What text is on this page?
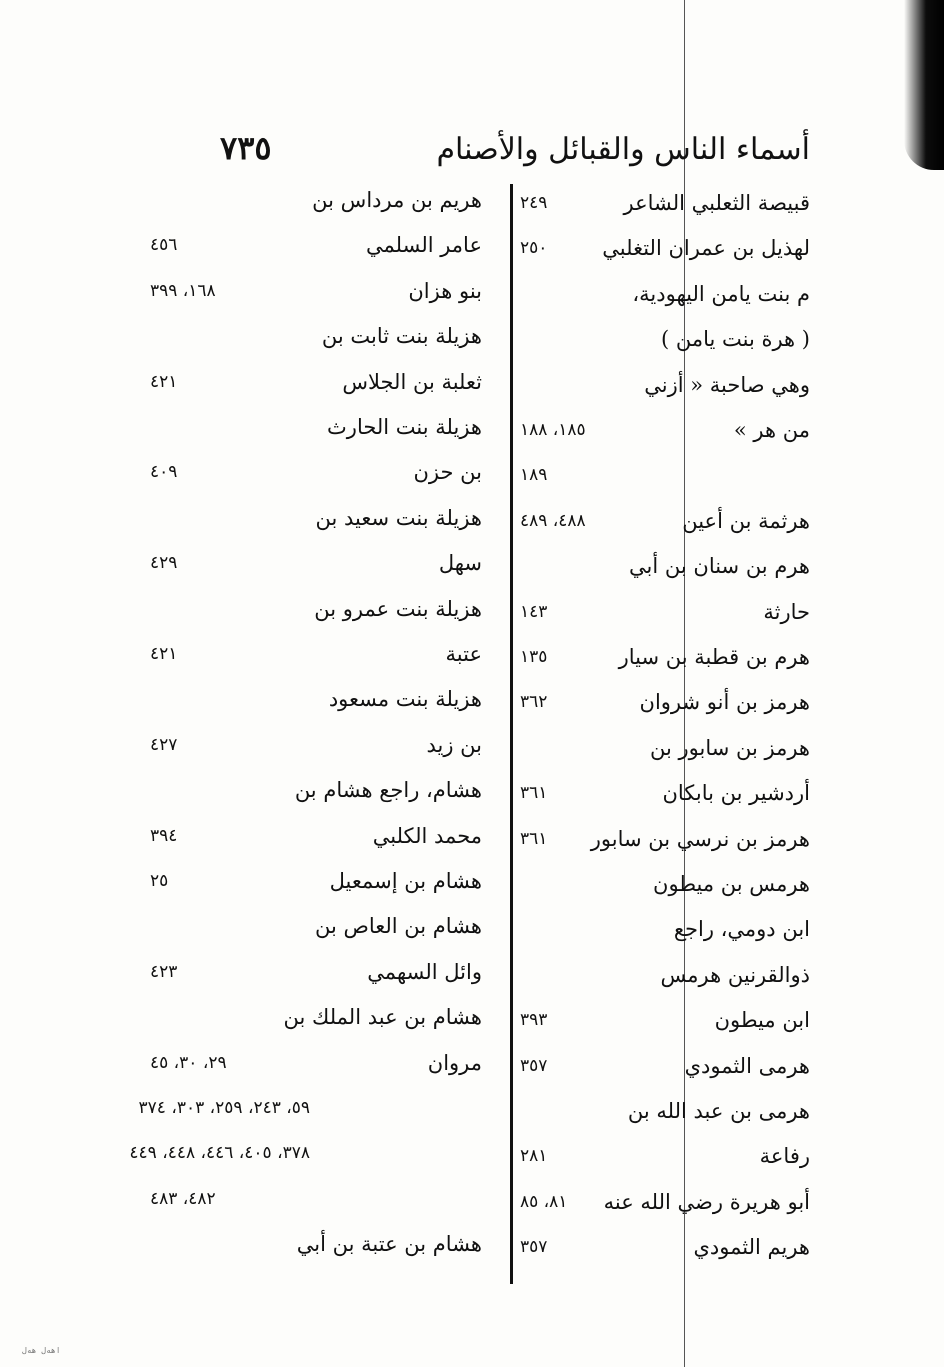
أسماء الناس والقبائل والأصنام
٧٣٥
قبيصة الثعلبي الشاعر
٢٤٩
لهذيل بن عمران التغلبي
٢٥٠
م بنت يامن اليهودية،
( هرة بنت يامن )
وهي صاحبة « أزني
من هر »
١٨٥، ١٨٨
١٨٩
هرثمة بن أعين
٤٨٨، ٤٨٩
هرم بن سنان بن أبي
حارثة
١٤٣
هرم بن قطبة بن سيار
١٣٥
هرمز بن أنو شروان
٣٦٢
هرمز بن سابور بن
أردشير بن بابكان
٣٦١
هرمز بن نرسي بن سابور
٣٦١
هرمس بن ميطون
ابن دومي، راجع
ذوالقرنين هرمس
ابن ميطون
٣٩٣
هرمى الثمودي
٣٥٧
هرمى بن عبد الله بن
رفاعة
٢٨١
أبو هريرة رضي الله عنه
٨١، ٨٥
هريم الثمودي
٣٥٧
هريم بن مرداس بن
عامر السلمي
٤٥٦
بنو هزان
١٦٨، ٣٩٩
هزيلة بنت ثابت بن
ثعلبة بن الجلاس
٤٢١
هزيلة بنت الحارث
بن حزن
٤٠٩
هزيلة بنت سعيد بن
سهل
٤٢٩
هزيلة بنت عمرو بن
عتبة
٤٢١
هزيلة بنت مسعود
بن زيد
٤٢٧
هشام، راجع هشام بن
محمد الكلبي
٣٩٤
هشام بن إسمعيل
٢٥
هشام بن العاص بن
وائل السهمي
٤٢٣
هشام بن عبد الملك بن
مروان
٢٩، ٣٠، ٤٥
٥٩، ٢٤٣، ٢٥٩، ٣٠٣، ٣٧٤
٣٧٨، ٤٠٥، ٤٤٦، ٤٤٨، ٤٤٩
٤٨٢، ٤٨٣
هشام بن عتبة بن أبي
ﺍﻫﻪﻝ ﻫﻪﻝ
